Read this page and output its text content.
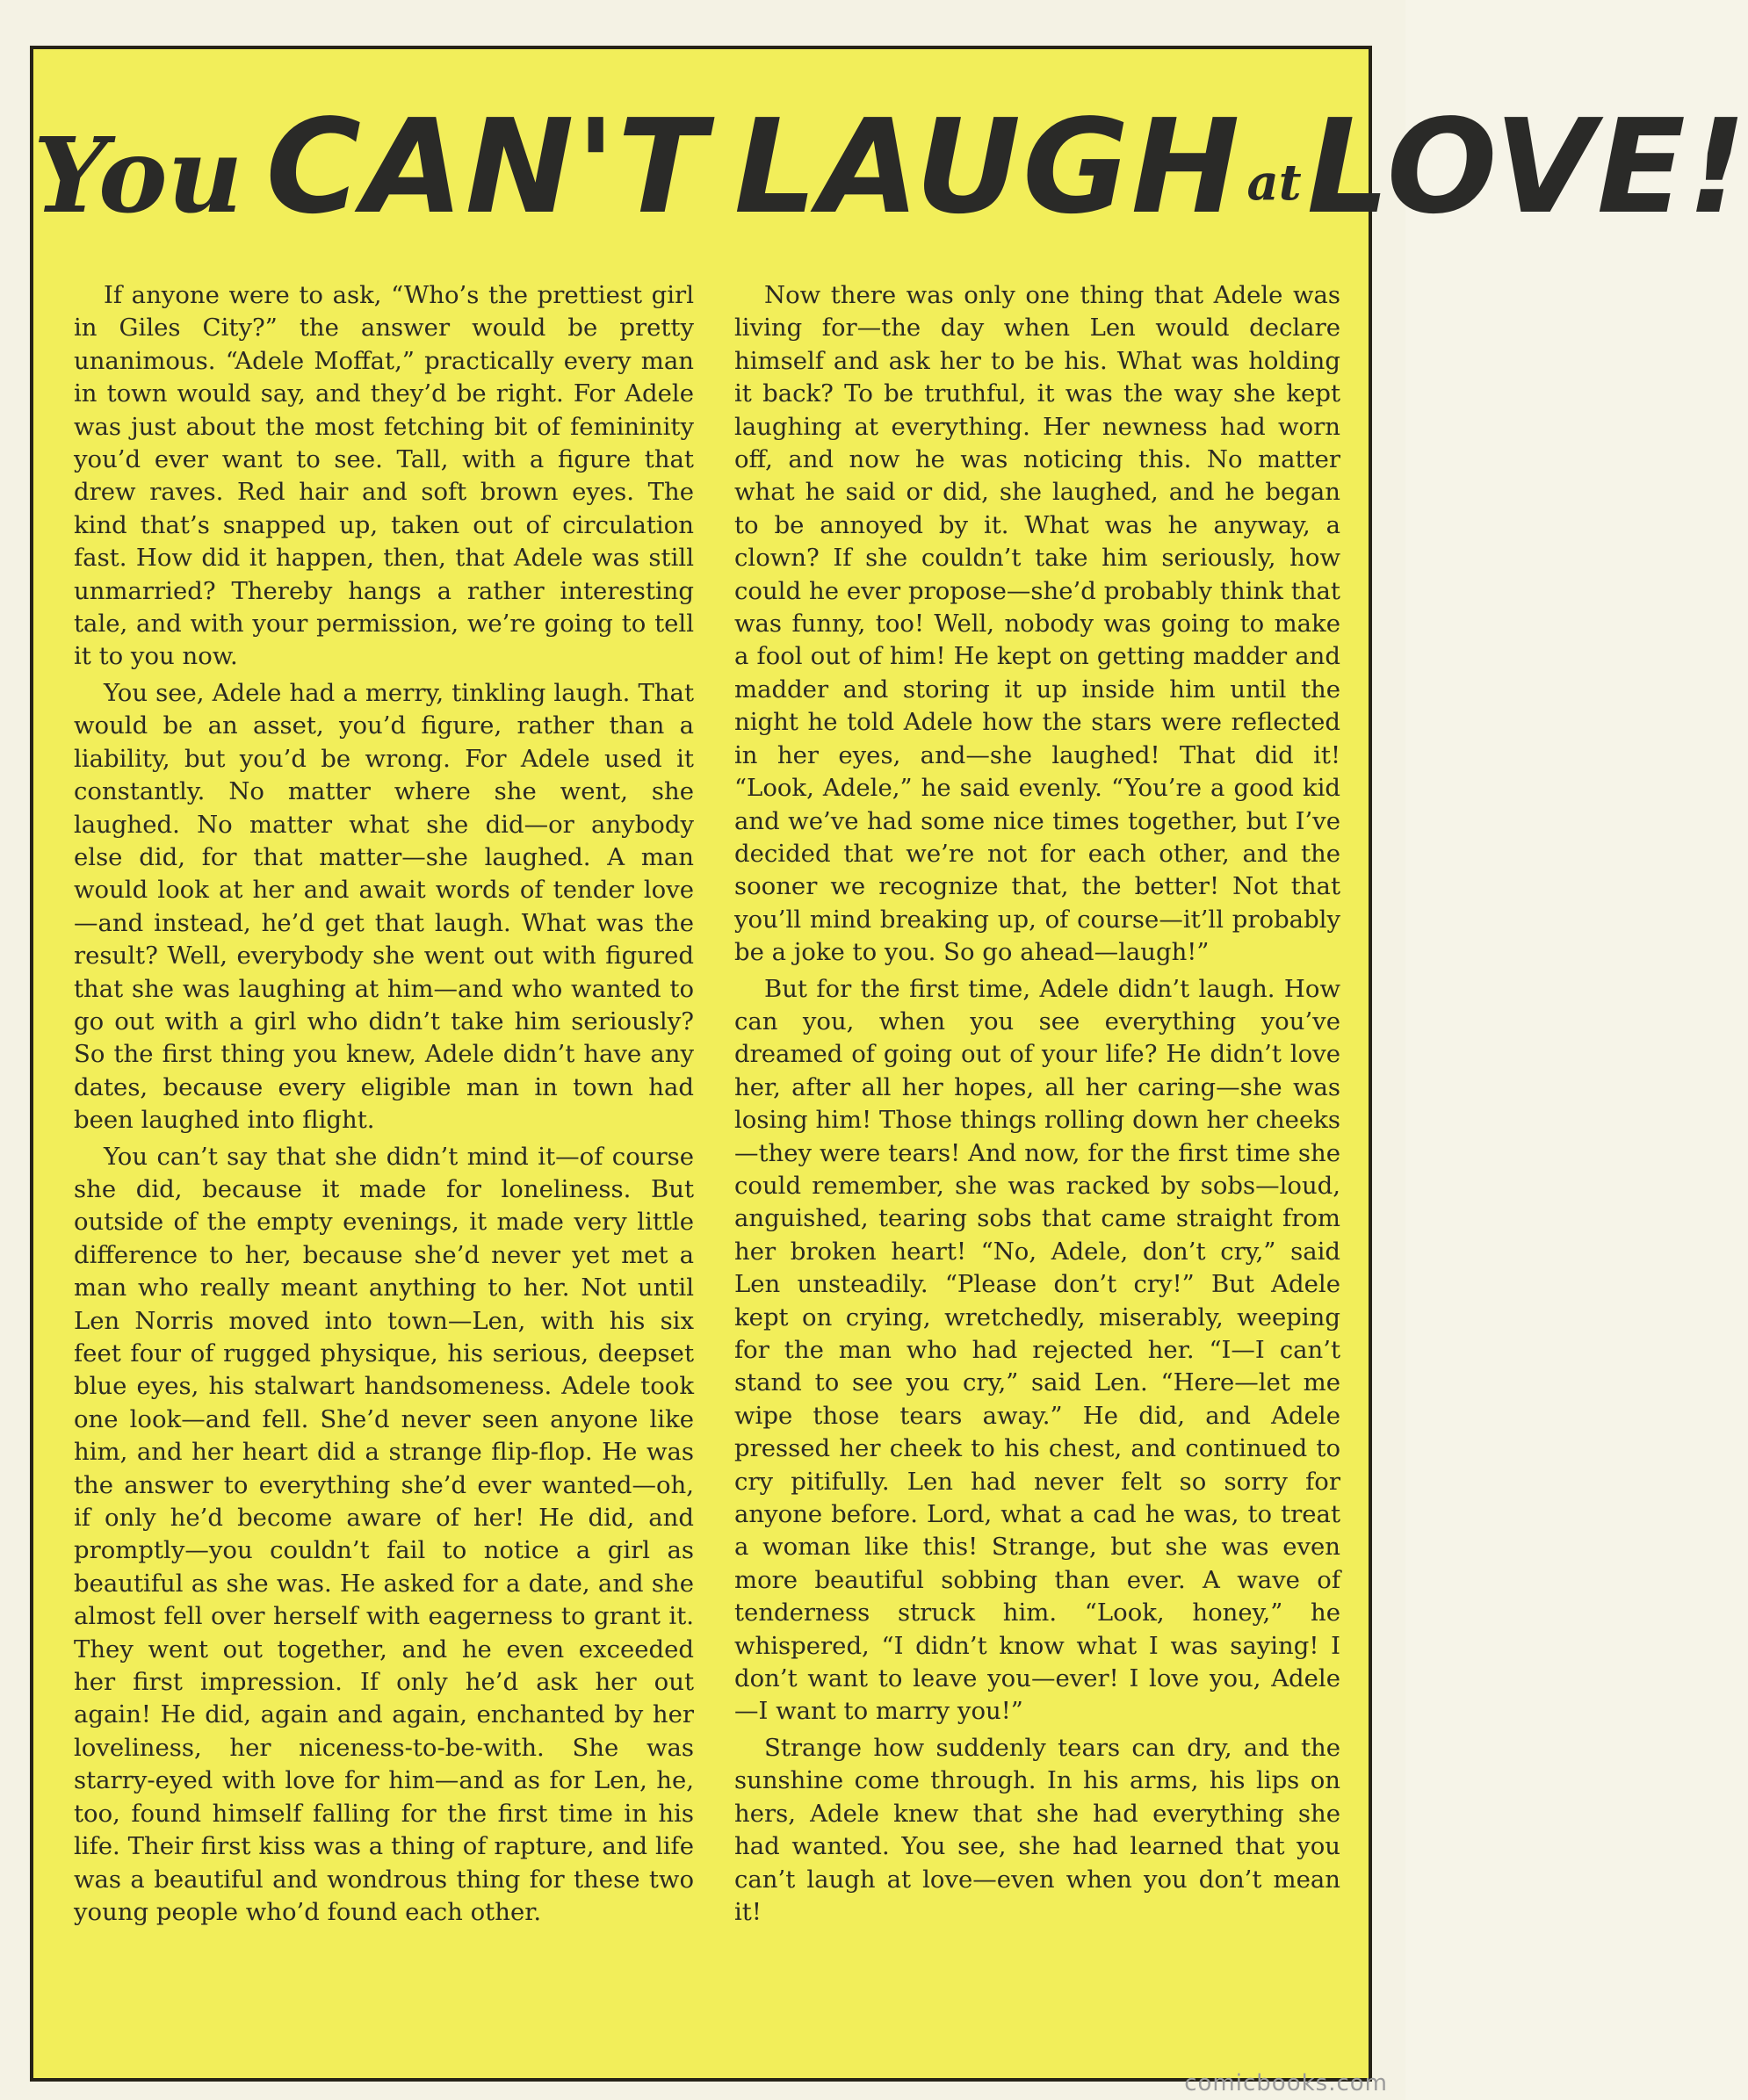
You CAN'T LAUGH atLOVE!

If anyone were to ask, “Who’s the prettiest girl in Giles City?” the answer would be pretty unanimous. “Adele Moffat,” practically every man in town would say, and they’d be right. For Adele was just about the most fetching bit of femininity you’d ever want to see. Tall, with a figure that drew raves. Red hair and soft brown eyes. The kind that’s snapped up, taken out of circulation fast. How did it happen, then, that Adele was still unmarried? Thereby hangs a rather interesting tale, and with your permission, we’re going to tell it to you now.

You see, Adele had a merry, tinkling laugh. That would be an asset, you’d figure, rather than a liability, but you’d be wrong. For Adele used it constantly. No matter where she went, she laughed. No matter what she did—or anybody else did, for that matter—she laughed. A man would look at her and await words of tender love—and instead, he’d get that laugh. What was the result? Well, everybody she went out with figured that she was laughing at him—and who wanted to go out with a girl who didn’t take him seriously? So the first thing you knew, Adele didn’t have any dates, because every eligible man in town had been laughed into flight.

You can’t say that she didn’t mind it—of course she did, because it made for loneliness. But outside of the empty evenings, it made very little difference to her, because she’d never yet met a man who really meant anything to her. Not until Len Norris moved into town—Len, with his six feet four of rugged physique, his serious, deepset blue eyes, his stalwart handsomeness. Adele took one look—and fell. She’d never seen anyone like him, and her heart did a strange flip-flop. He was the answer to everything she’d ever wanted—oh, if only he’d become aware of her! He did, and promptly—you couldn’t fail to notice a girl as beautiful as she was. He asked for a date, and she almost fell over herself with eagerness to grant it. They went out together, and he even exceeded her first impression. If only he’d ask her out again! He did, again and again, enchanted by her loveliness, her niceness-to-be-with. She was starry-eyed with love for him—and as for Len, he, too, found himself falling for the first time in his life. Their first kiss was a thing of rapture, and life was a beautiful and wondrous thing for these two young people who’d found each other.

Now there was only one thing that Adele was living for—the day when Len would declare himself and ask her to be his. What was holding it back? To be truthful, it was the way she kept laughing at everything. Her newness had worn off, and now he was noticing this. No matter what he said or did, she laughed, and he began to be annoyed by it. What was he anyway, a clown? If she couldn’t take him seriously, how could he ever propose—she’d probably think that was funny, too! Well, nobody was going to make a fool out of him! He kept on getting madder and madder and storing it up inside him until the night he told Adele how the stars were reflected in her eyes, and—she laughed! That did it! “Look, Adele,” he said evenly. “You’re a good kid and we’ve had some nice times together, but I’ve decided that we’re not for each other, and the sooner we recognize that, the better! Not that you’ll mind breaking up, of course—it’ll probably be a joke to you. So go ahead—laugh!”

But for the first time, Adele didn’t laugh. How can you, when you see everything you’ve dreamed of going out of your life? He didn’t love her, after all her hopes, all her caring—she was losing him! Those things rolling down her cheeks—they were tears! And now, for the first time she could remember, she was racked by sobs—loud, anguished, tearing sobs that came straight from her broken heart! “No, Adele, don’t cry,” said Len unsteadily. “Please don’t cry!” But Adele kept on crying, wretchedly, miserably, weeping for the man who had rejected her. “I—I can’t stand to see you cry,” said Len. “Here—let me wipe those tears away.” He did, and Adele pressed her cheek to his chest, and continued to cry pitifully. Len had never felt so sorry for anyone before. Lord, what a cad he was, to treat a woman like this! Strange, but she was even more beautiful sobbing than ever. A wave of tenderness struck him. “Look, honey,” he whispered, “I didn’t know what I was saying! I don’t want to leave you—ever! I love you, Adele—I want to marry you!”

Strange how suddenly tears can dry, and the sunshine come through. In his arms, his lips on hers, Adele knew that she had everything she had wanted. You see, she had learned that you can’t laugh at love—even when you don’t mean it!

comicbooks.com
